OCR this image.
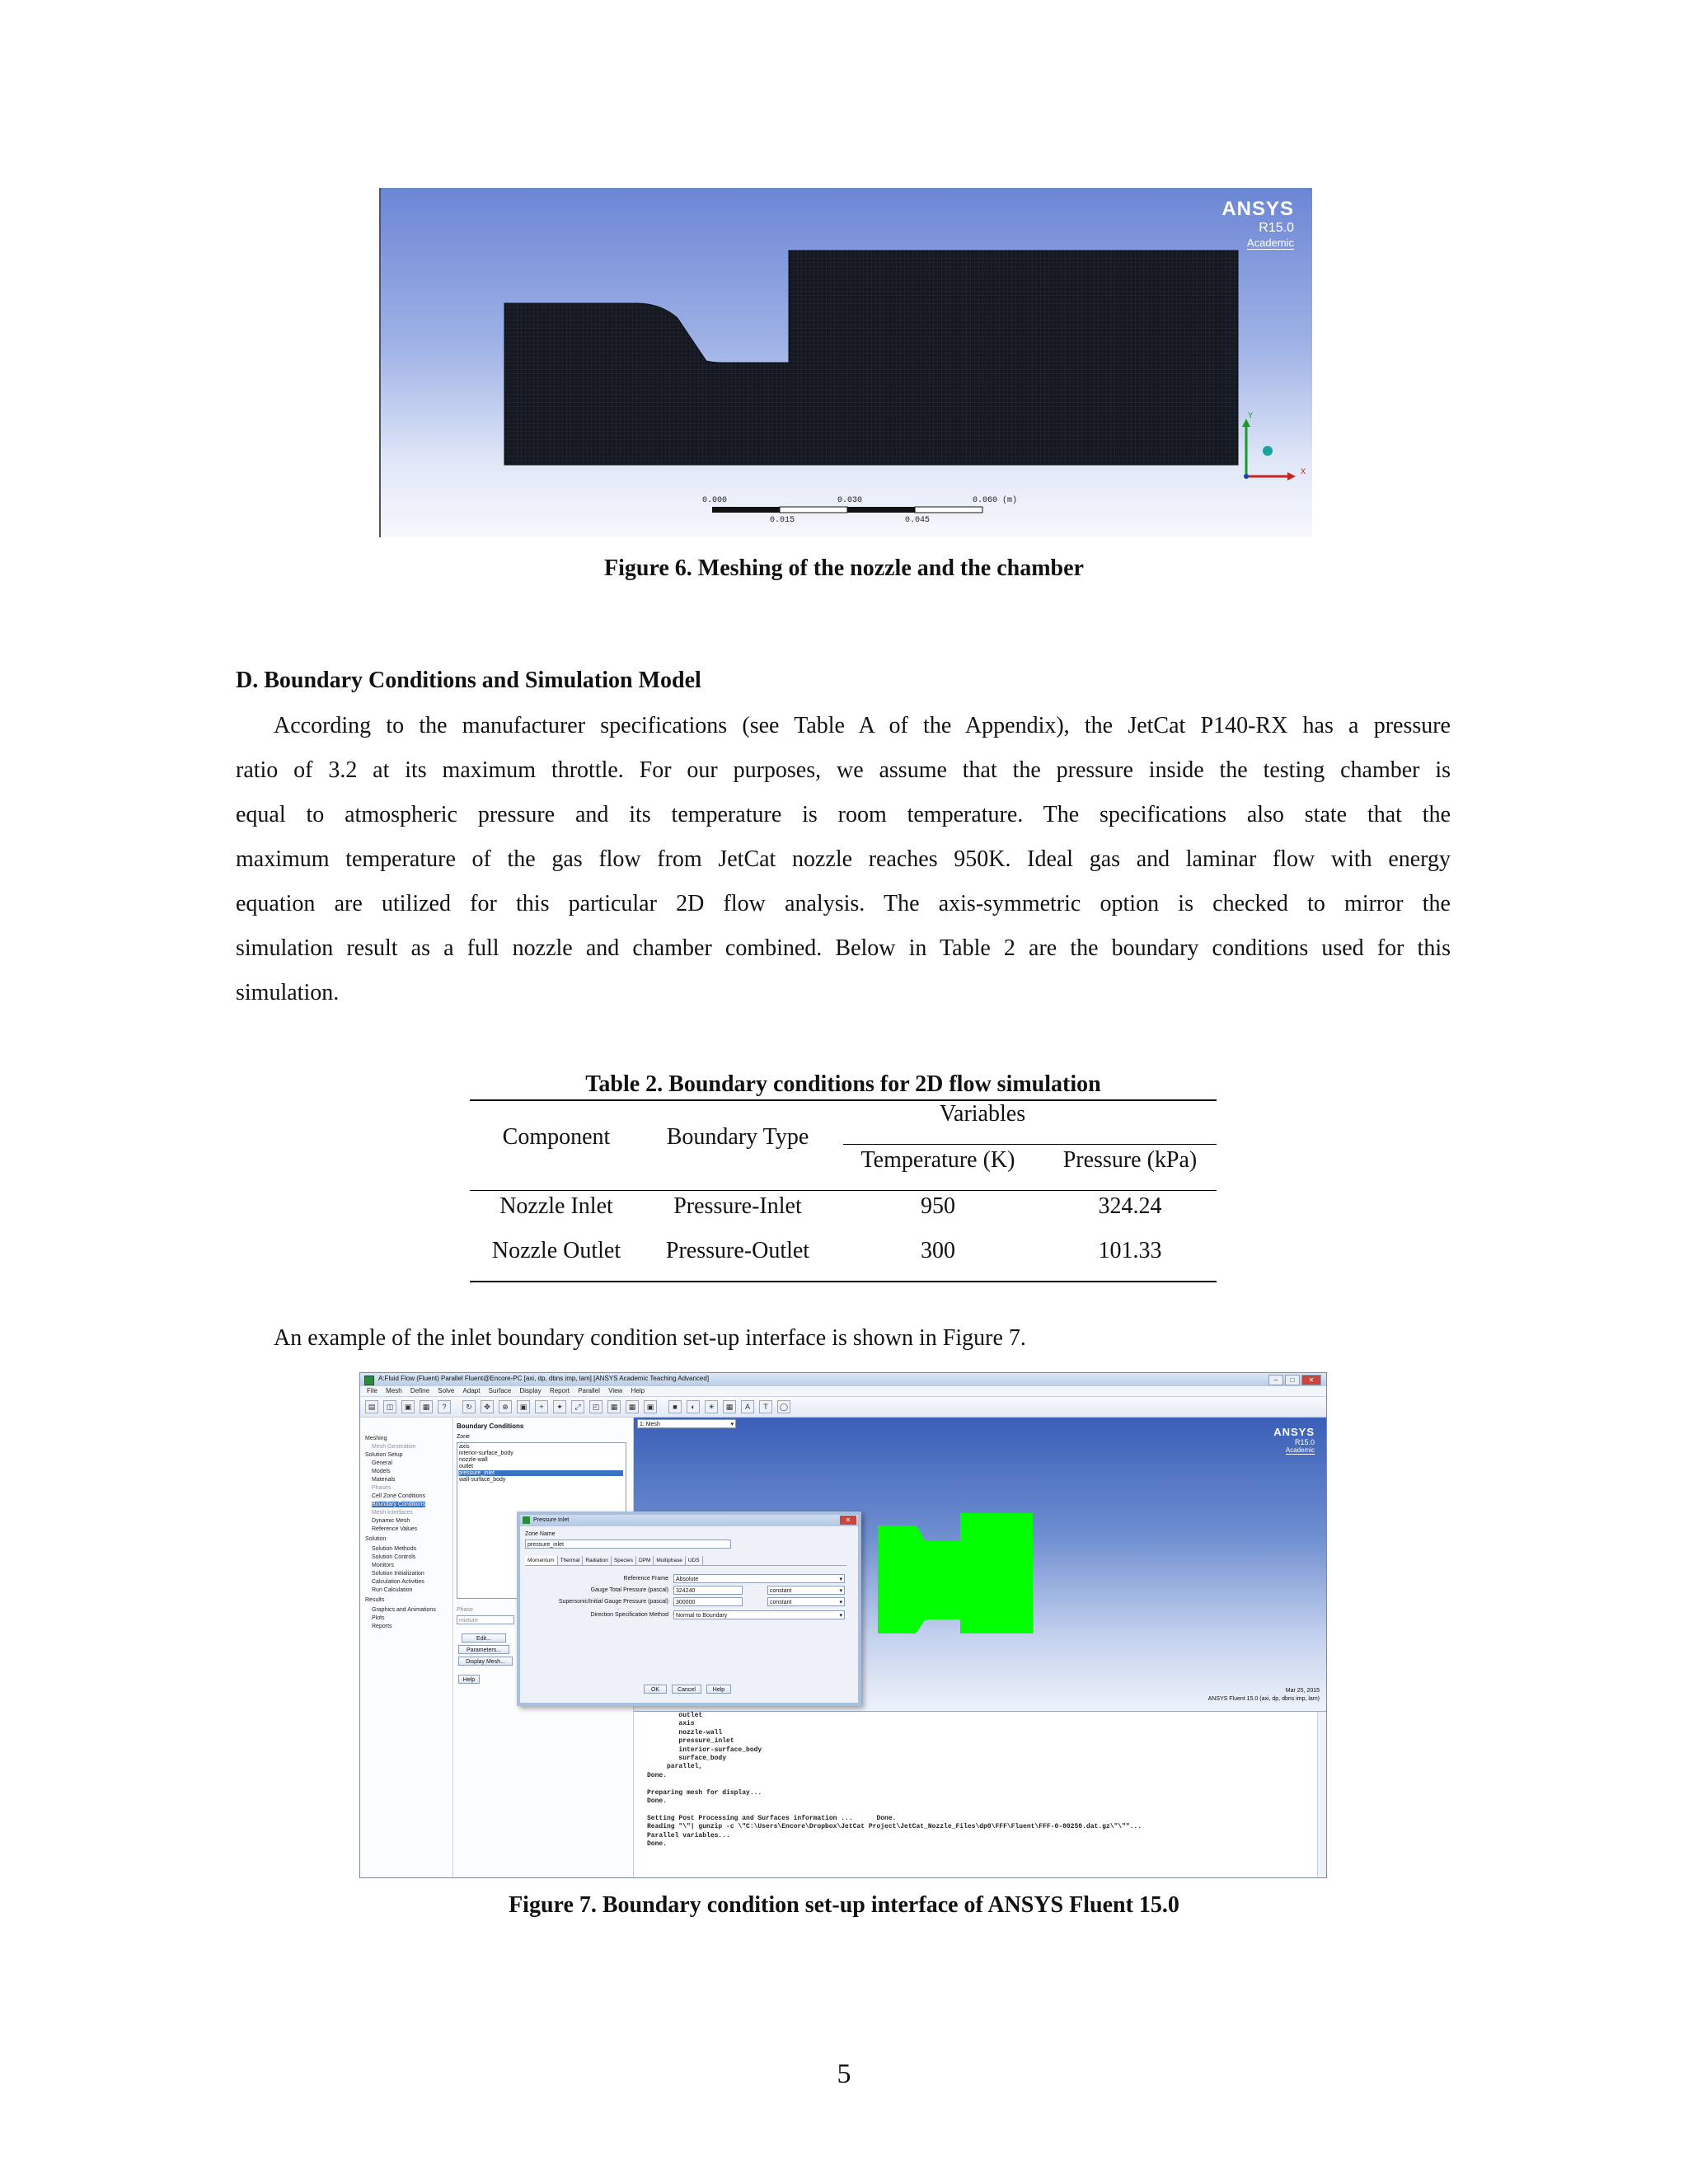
ANSYS
R15.0
Academic
0.000	0.030	0.060 (m)
0.015	0.045
Y
X
Figure 6. Meshing of the nozzle and the chamber
D. Boundary Conditions and Simulation Model
According to the manufacturer specifications (see Table A of the Appendix), the JetCat P140-RX has a pressure
ratio of 3.2 at its maximum throttle. For our purposes, we assume that the pressure inside the testing chamber is
equal to atmospheric pressure and its temperature is room temperature. The specifications also state that the
maximum temperature of the gas flow from JetCat nozzle reaches 950K. Ideal gas and laminar flow with energy
equation are utilized for this particular 2D flow analysis. The axis-symmetric option is checked to mirror the
simulation result as a full nozzle and chamber combined. Below in Table 2 are the boundary conditions used for this
simulation.
Table 2. Boundary conditions for 2D flow simulation
Variables
Component	Boundary Type
Temperature (K)	Pressure (kPa)
Nozzle Inlet	Pressure-Inlet	950	324.24
Nozzle Outlet	Pressure-Outlet	300	101.33
An example of the inlet boundary condition set-up interface is shown in Figure 7.
A:Fluid Flow (Fluent) Parallel Fluent@Encore-PC [axi, dp, dbns imp, lam] [ANSYS Academic Teaching Advanced]	–	□	✕
File Mesh Define Solve Adapt Surface Display Report Parallel View Help
▤	◫	▣	▦	?	↻	✥	⊕	▣	+	✦	⤢	◰	▦	▦	▣	■	◐	☀	▦	A	T	◯
Meshing
Mesh Generation
Solution Setup
General
Models
Materials
Phases
Cell Zone Conditions
Boundary Conditions
Mesh Interfaces
Dynamic Mesh
Reference Values
Solution
Solution Methods
Solution Controls
Monitors
Solution Initialization
Calculation Activities
Run Calculation
Results
Graphics and Animations
Plots
Reports
Boundary Conditions
Zone
axis
interior-surface_body
nozzle-wall
outlet
pressure_inlet
wall-surface_body
Phase
mixture
Edit...
Parameters...
Display Mesh...
Help
1: Mesh ▾
ANSYS
R15.0
Academic
Mar 25, 2015
ANSYS Fluent 15.0 (axi, dp, dbns imp, lam)
outlet
axis
nozzle-wall
pressure_inlet
interior-surface_body
surface_body
parallel,
Done.

Preparing mesh for display...
Done.

Setting Post Processing and Surfaces information ...      Done.
Reading "\"| gunzip -c \"C:\Users\Encore\Dropbox\JetCat Project\JetCat_Nozzle_Files\dp0\FFF\Fluent\FFF-0-00250.dat.gz\"\""...
Parallel variables...
Done.
Pressure Inlet	✕
Zone Name
pressure_inlet
Momentum Thermal Radiation Species DPM Multiphase UDS
Reference Frame	Absolute ▾
Gauge Total Pressure (pascal)	324240	constant ▾
Supersonic/Initial Gauge Pressure (pascal)	300000	constant ▾
Direction Specification Method	Normal to Boundary ▾
OK	Cancel	Help
Figure 7. Boundary condition set-up interface of ANSYS Fluent 15.0
5
